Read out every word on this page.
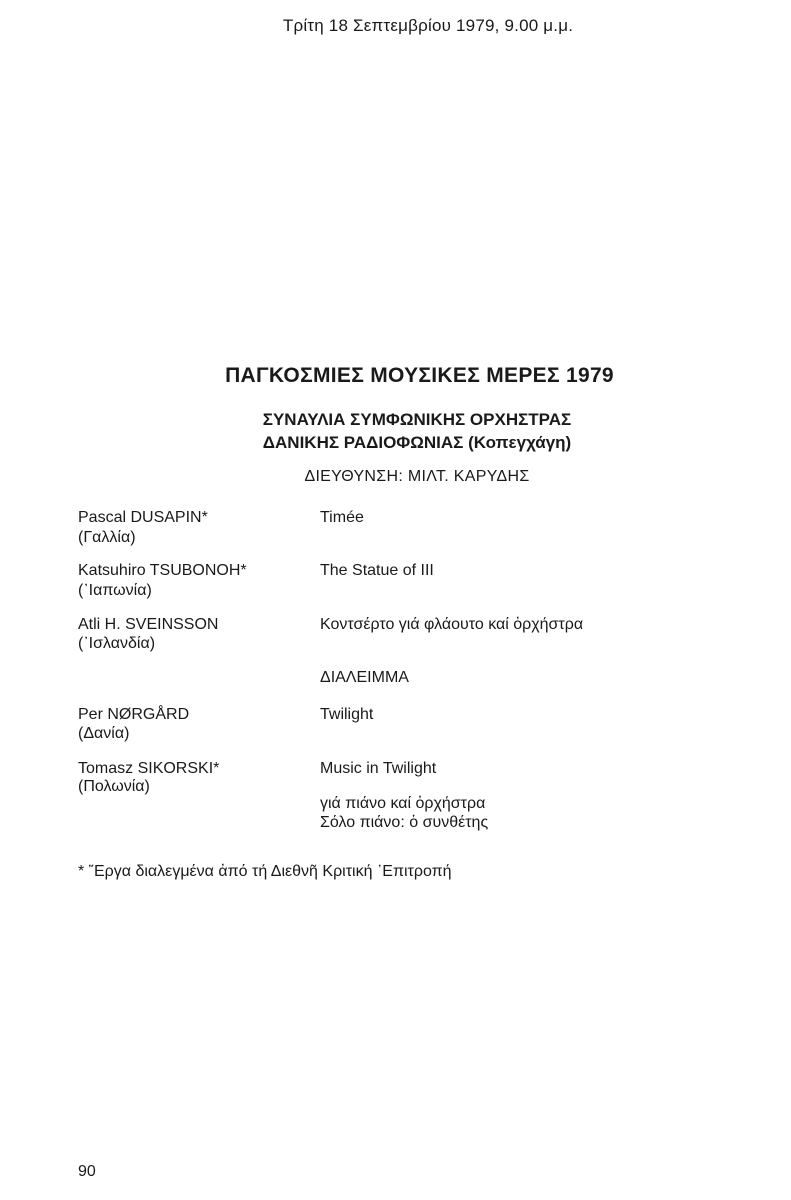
Τρίτη 18 Σεπτεμβρίου 1979, 9.00 μ.μ.
ΠΑΓΚΟΣΜΙΕΣ ΜΟΥΣΙΚΕΣ ΜΕΡΕΣ 1979
ΣΥΝΑΥΛΙΑ ΣΥΜΦΩΝΙΚΗΣ ΟΡΧΗΣΤΡΑΣ
ΔΑΝΙΚΗΣ ΡΑΔΙΟΦΩΝΙΑΣ (Κοπεγχάγη)
ΔΙΕΥΘΥΝΣΗ: ΜΙΛΤ. ΚΑΡΥΔΗΣ
Pascal DUSAPIN*
(Γαλλία)
Timée
Katsuhiro TSUBONOH*
(᾿Ιαπωνία)
The Statue of III
Atli H. SVEINSSON
(᾿Ισλανδία)
Κοντσέρτο γιά φλάουτο καί ὀρχήστρα
ΔΙΑΛΕΙΜΜΑ
Per NØRGÅRD
(Δανία)
Twilight
Tomasz SIKORSKI*
(Πολωνία)
Music in Twilight
γιά πιάνο καί ὀρχήστρα
Σόλο πιάνο: ὁ συνθέτης
* ῎Εργα διαλεγμένα ἀπό τή Διεθνῆ Κριτική ᾿Επιτροπή
90
